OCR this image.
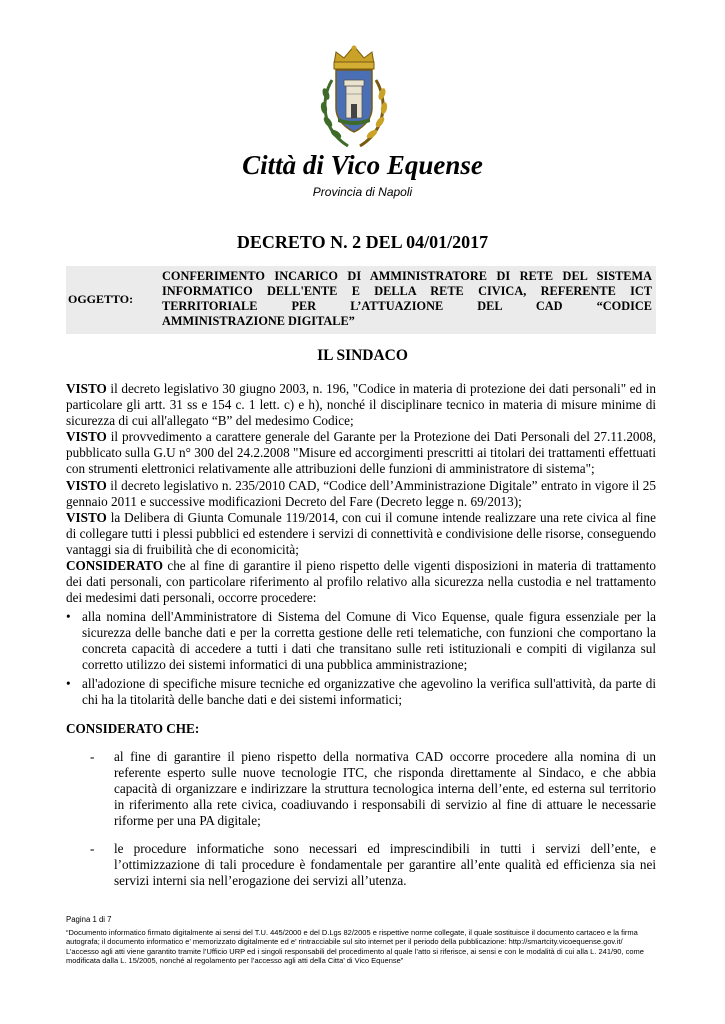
Città di Vico Equense
Provincia di Napoli
DECRETO N. 2 DEL 04/01/2017
OGGETTO:
CONFERIMENTO INCARICO DI AMMINISTRATORE DI RETE DEL SISTEMA
INFORMATICO DELL'ENTE E DELLA RETE CIVICA, REFERENTE ICT
TERRITORIALE PER L’ATTUAZIONE DEL CAD “CODICE
AMMINISTRAZIONE DIGITALE”
IL SINDACO

VISTO il decreto legislativo 30 giugno 2003, n. 196, "Codice in materia di protezione dei dati personali" ed in particolare gli artt. 31 ss e 154 c. 1 lett. c) e h), nonché il disciplinare tecnico in materia di misure minime di sicurezza di cui all'allegato “B” del medesimo Codice;

VISTO il provvedimento a carattere generale del Garante per la Protezione dei Dati Personali del 27.11.2008, pubblicato sulla G.U n° 300 del 24.2.2008 "Misure ed accorgimenti prescritti ai titolari dei trattamenti effettuati con strumenti elettronici relativamente alle attribuzioni delle funzioni di amministratore di sistema";

VISTO il decreto legislativo n. 235/2010 CAD, “Codice dell’Amministrazione Digitale” entrato in vigore il 25 gennaio 2011 e successive modificazioni Decreto del Fare (Decreto legge n. 69/2013);

VISTO la Delibera di Giunta Comunale 119/2014, con cui il comune intende realizzare una rete civica al fine di collegare tutti i plessi pubblici ed estendere i servizi di connettività e condivisione delle risorse, conseguendo vantaggi sia di fruibilità che di economicità;

CONSIDERATO che al fine di garantire il pieno rispetto delle vigenti disposizioni in materia di trattamento dei dati personali, con particolare riferimento al profilo relativo alla sicurezza nella custodia e nel trattamento dei medesimi dati personali, occorre procedere:

• alla nomina dell'Amministratore di Sistema del Comune di Vico Equense, quale figura essenziale per la sicurezza delle banche dati e per la corretta gestione delle reti telematiche, con funzioni che comportano la concreta capacità di accedere a tutti i dati che transitano sulle reti istituzionali e compiti di vigilanza sul corretto utilizzo dei sistemi informatici di una pubblica amministrazione;

• all'adozione di specifiche misure tecniche ed organizzative che agevolino la verifica sull'attività, da parte di chi ha la titolarità delle banche dati e dei sistemi informatici;

CONSIDERATO CHE:

- al fine di garantire il pieno rispetto della normativa CAD occorre procedere alla nomina di un referente esperto sulle nuove tecnologie ITC, che risponda direttamente al Sindaco, e che abbia capacità di organizzare e indirizzare la struttura tecnologica interna dell’ente, ed esterna sul territorio in riferimento alla rete civica, coadiuvando i responsabili di servizio al fine di attuare le necessarie riforme per una PA digitale;

- le procedure informatiche sono necessari ed imprescindibili in tutti i servizi dell’ente, e l’ottimizzazione di tali procedure è fondamentale per garantire all’ente qualità ed efficienza sia nei servizi interni sia nell’erogazione dei servizi all’utenza.

Pagina 1 di 7
“Documento informatico firmato digitalmente ai sensi del T.U. 445/2000 e del D.Lgs 82/2005 e rispettive norme collegate, il quale sostituisce il documento cartaceo e la firma autografa; il documento informatico e’ memorizzato digitalmente ed e’ rintracciabile sul sito internet per il periodo della pubblicazione: http://smartcity.vicoequense.gov.it/
L’accesso agli atti viene garantito tramite l’Ufficio URP ed i singoli responsabili del procedimento al quale l’atto si riferisce, ai sensi e con le modalità di cui alla L. 241/90, come modificata dalla L. 15/2005, nonché al regolamento per l’accesso agli atti della Citta’ di Vico Equense”
